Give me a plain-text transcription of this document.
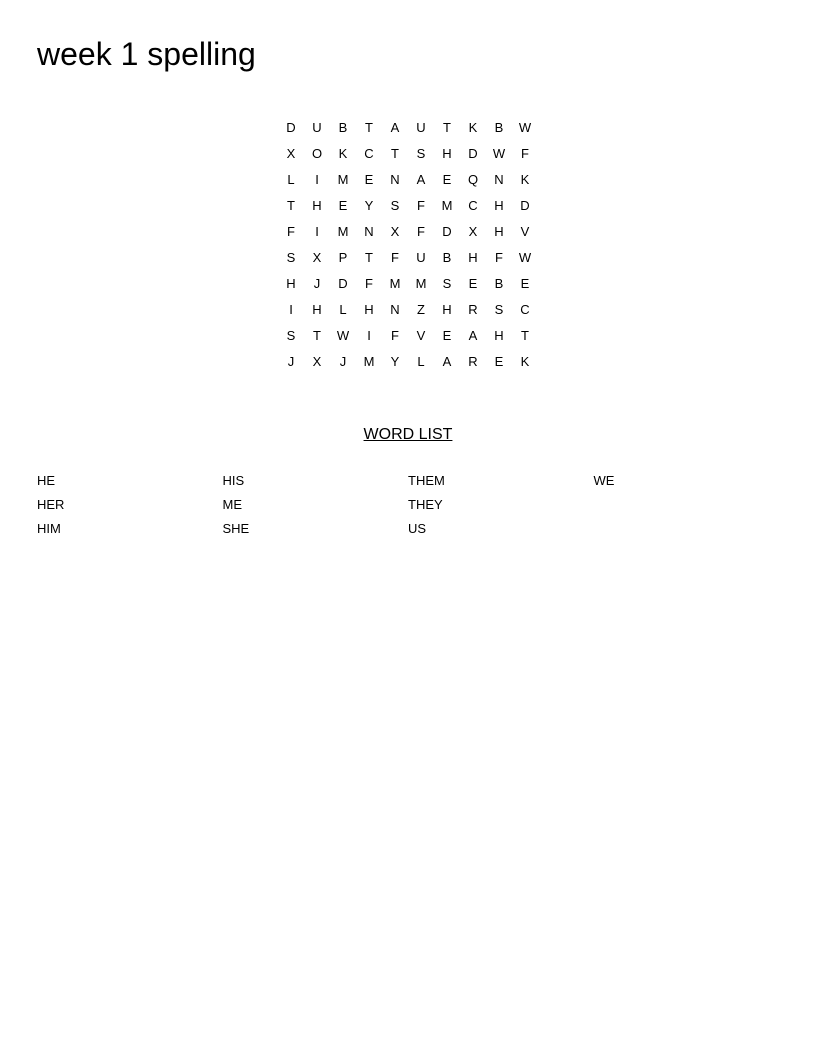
week 1 spelling
D	U	B	T	A	U	T	K	B	W
X	O	K	C	T	S	H	D	W	F
L	I	M	E	N	A	E	Q	N	K
T	H	E	Y	S	F	M	C	H	D
F	I	M	N	X	F	D	X	H	V
S	X	P	T	F	U	B	H	F	W
H	J	D	F	M	M	S	E	B	E
I	H	L	H	N	Z	H	R	S	C
S	T	W	I	F	V	E	A	H	T
J	X	J	M	Y	L	A	R	E	K
WORD LIST
HE	HIS	THEM	WE
HER	ME	THEY
HIM	SHE	US
